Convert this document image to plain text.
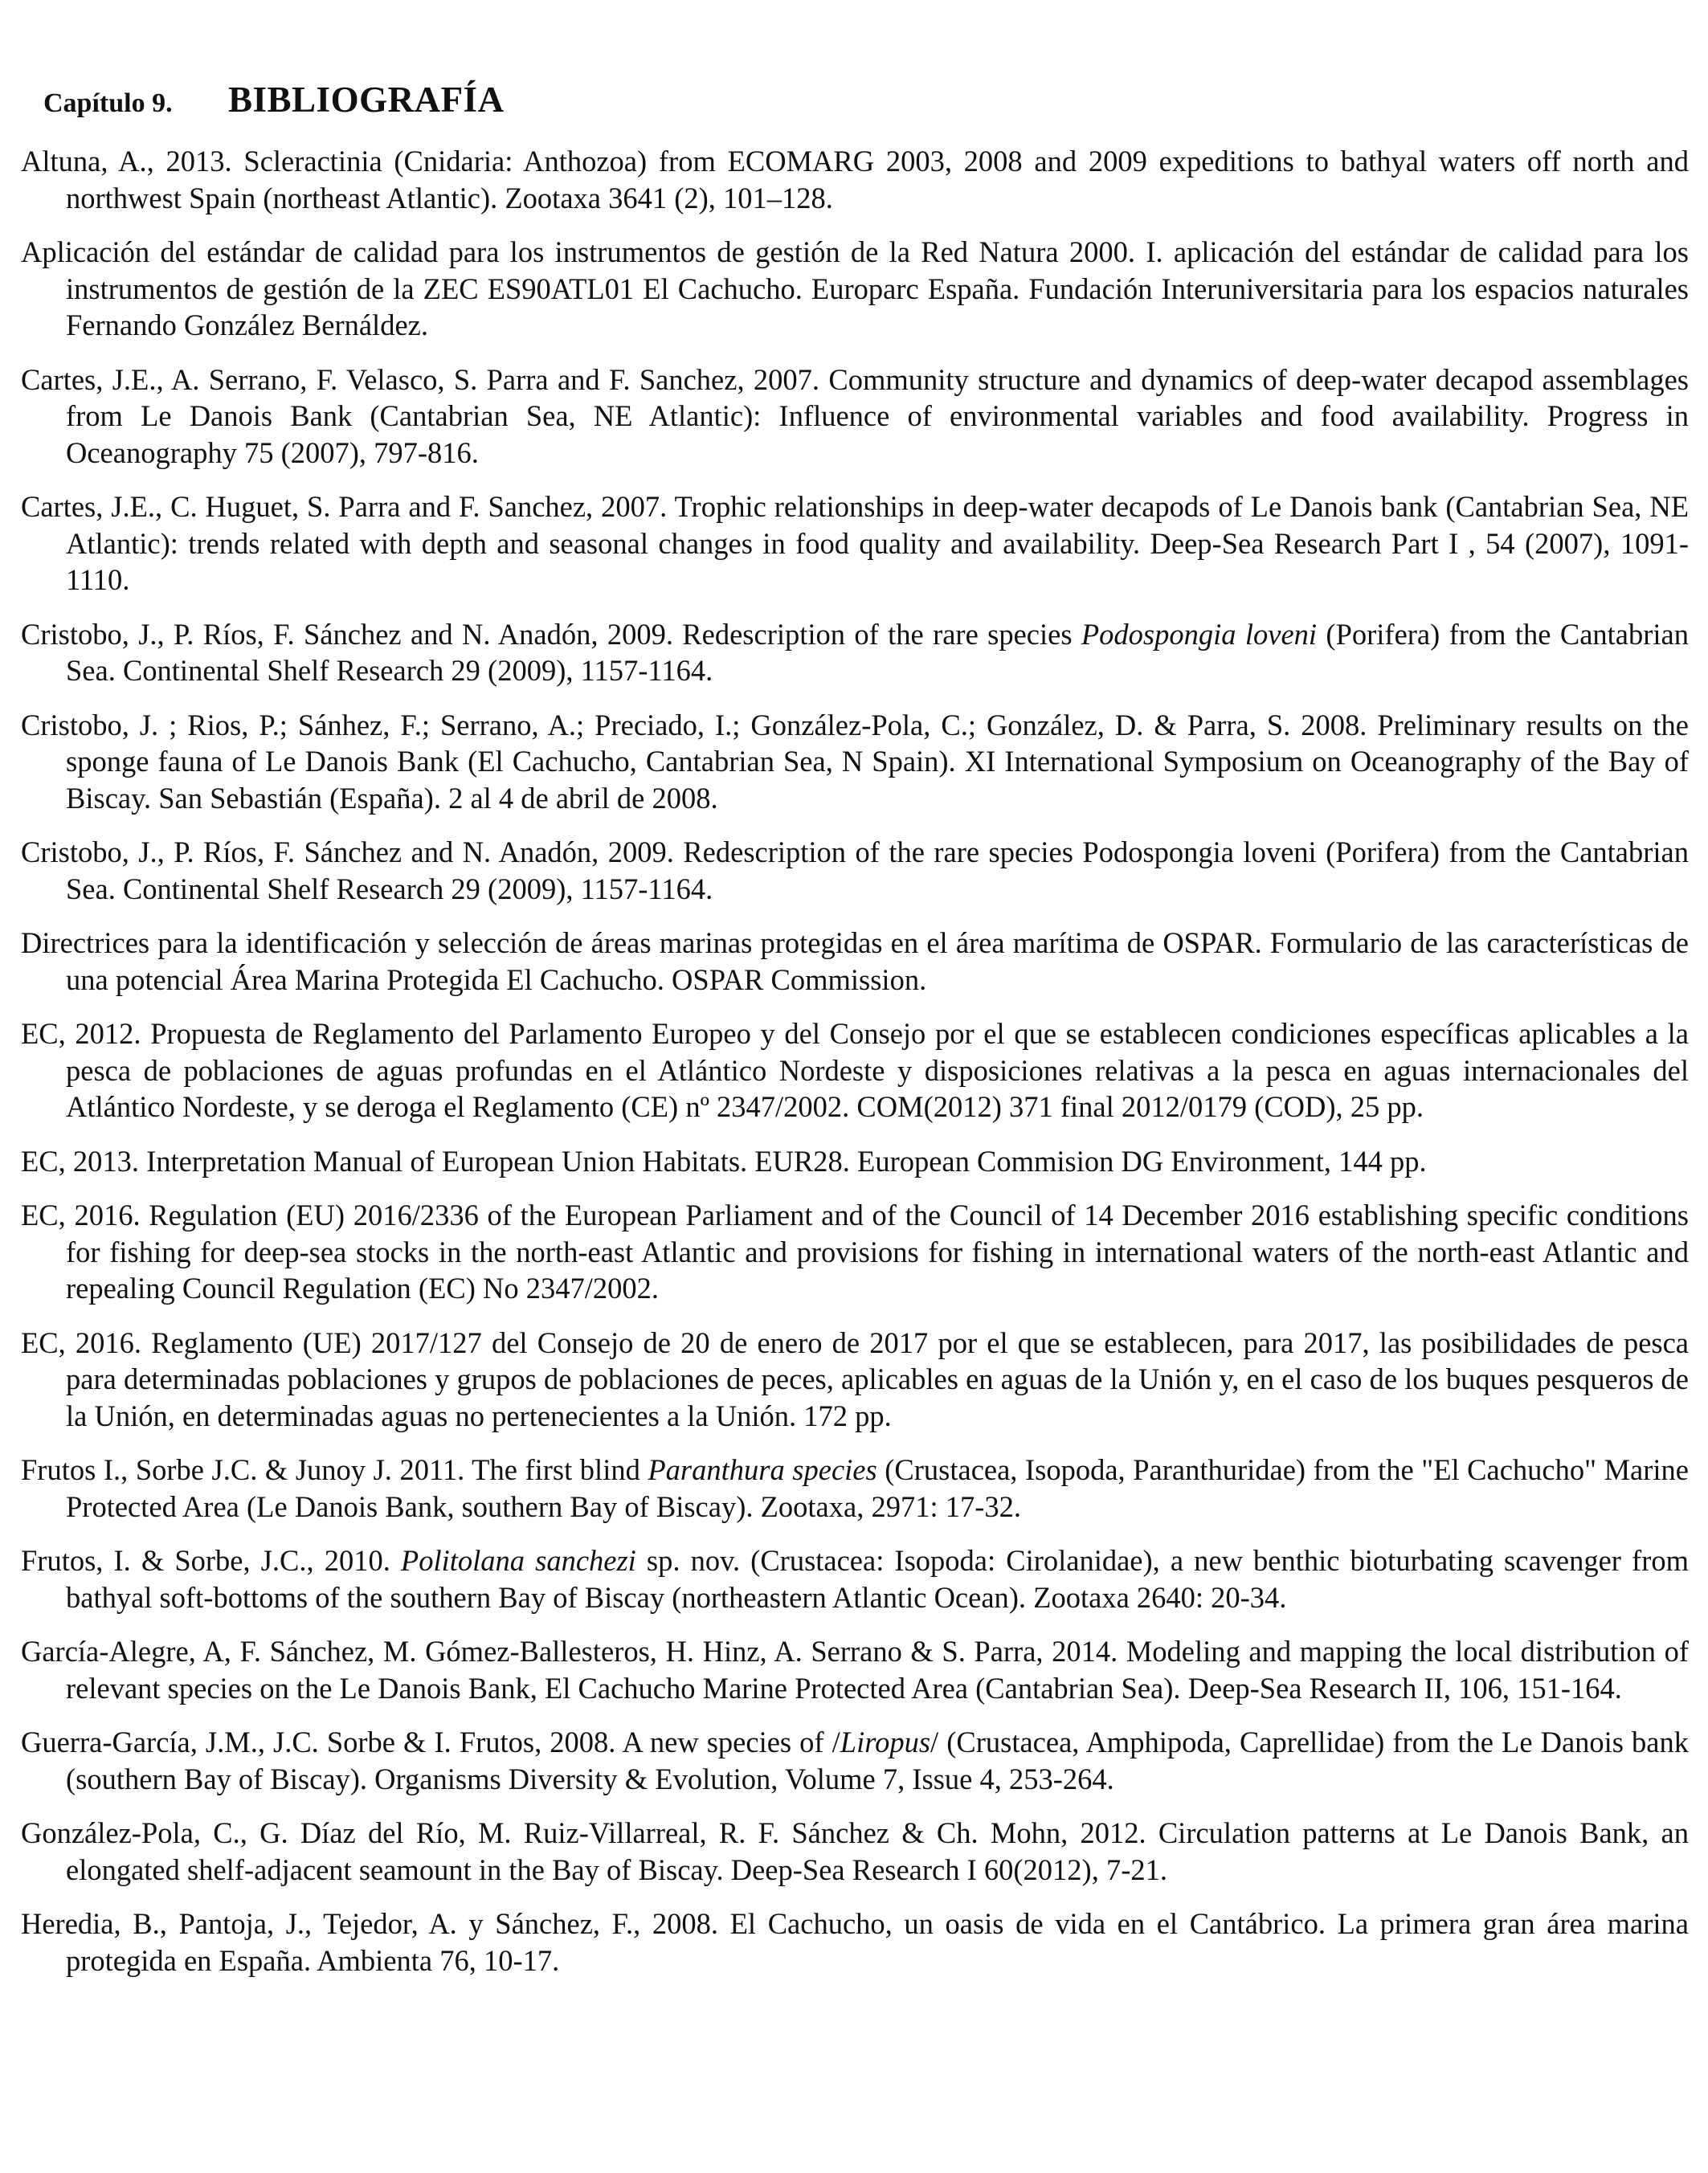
Capítulo 9.	BIBLIOGRAFÍA
Altuna, A., 2013. Scleractinia (Cnidaria: Anthozoa) from ECOMARG 2003, 2008 and 2009 expeditions to bathyal waters off north and northwest Spain (northeast Atlantic). Zootaxa 3641 (2), 101–128.
Aplicación del estándar de calidad para los instrumentos de gestión de la Red Natura 2000. I. aplicación del estándar de calidad para los instrumentos de gestión de la ZEC ES90ATL01 El Cachucho. Europarc España. Fundación Interuniversitaria para los espacios naturales Fernando González Bernáldez.
Cartes, J.E., A. Serrano, F. Velasco, S. Parra and F. Sanchez, 2007. Community structure and dynamics of deep-water decapod assemblages from Le Danois Bank (Cantabrian Sea, NE Atlantic): Influence of environmental variables and food availability. Progress in Oceanography 75 (2007), 797-816.
Cartes, J.E., C. Huguet, S. Parra and F. Sanchez, 2007. Trophic relationships in deep-water decapods of Le Danois bank (Cantabrian Sea, NE Atlantic): trends related with depth and seasonal changes in food quality and availability. Deep-Sea Research Part I , 54 (2007), 1091-1110.
Cristobo, J., P. Ríos, F. Sánchez and N. Anadón, 2009. Redescription of the rare species Podospongia loveni (Porifera) from the Cantabrian Sea. Continental Shelf Research 29 (2009), 1157-1164.
Cristobo, J. ; Rios, P.; Sánhez, F.; Serrano, A.; Preciado, I.; González-Pola, C.; González, D. & Parra, S. 2008. Preliminary results on the sponge fauna of Le Danois Bank (El Cachucho, Cantabrian Sea, N Spain). XI International Symposium on Oceanography of the Bay of Biscay. San Sebastián (España). 2 al 4 de abril de 2008.
Cristobo, J., P. Ríos, F. Sánchez and N. Anadón, 2009. Redescription of the rare species Podospongia loveni (Porifera) from the Cantabrian Sea. Continental Shelf Research 29 (2009), 1157-1164.
Directrices para la identificación y selección de áreas marinas protegidas en el área marítima de OSPAR. Formulario de las características de una potencial Área Marina Protegida El Cachucho. OSPAR Commission.
EC, 2012. Propuesta de Reglamento del Parlamento Europeo y del Consejo por el que se establecen condiciones específicas aplicables a la pesca de poblaciones de aguas profundas en el Atlántico Nordeste y disposiciones relativas a la pesca en aguas internacionales del Atlántico Nordeste, y se deroga el Reglamento (CE) nº 2347/2002. COM(2012) 371 final 2012/0179 (COD), 25 pp.
EC, 2013. Interpretation Manual of European Union Habitats. EUR28. European Commision DG Environment, 144 pp.
EC, 2016. Regulation (EU) 2016/2336 of the European Parliament and of the Council of 14 December 2016 establishing specific conditions for fishing for deep-sea stocks in the north-east Atlantic and provisions for fishing in international waters of the north-east Atlantic and repealing Council Regulation (EC) No 2347/2002.
EC, 2016. Reglamento (UE) 2017/127 del Consejo de 20 de enero de 2017 por el que se establecen, para 2017, las posibilidades de pesca para determinadas poblaciones y grupos de poblaciones de peces, aplicables en aguas de la Unión y, en el caso de los buques pesqueros de la Unión, en determinadas aguas no pertenecientes a la Unión. 172 pp.
Frutos I., Sorbe J.C. & Junoy J. 2011. The first blind Paranthura species (Crustacea, Isopoda, Paranthuridae) from the "El Cachucho" Marine Protected Area (Le Danois Bank, southern Bay of Biscay). Zootaxa, 2971: 17-32.
Frutos, I. & Sorbe, J.C., 2010. Politolana sanchezi sp. nov. (Crustacea: Isopoda: Cirolanidae), a new benthic bioturbating scavenger from bathyal soft-bottoms of the southern Bay of Biscay (northeastern Atlantic Ocean). Zootaxa 2640: 20-34.
García-Alegre, A, F. Sánchez, M. Gómez-Ballesteros, H. Hinz, A. Serrano & S. Parra, 2014. Modeling and mapping the local distribution of relevant species on the Le Danois Bank, El Cachucho Marine Protected Area (Cantabrian Sea). Deep-Sea Research II, 106, 151-164.
Guerra-García, J.M., J.C. Sorbe & I. Frutos, 2008. A new species of /Liropus/ (Crustacea, Amphipoda, Caprellidae) from the Le Danois bank (southern Bay of Biscay). Organisms Diversity & Evolution, Volume 7, Issue 4, 253-264.
González-Pola, C., G. Díaz del Río, M. Ruiz-Villarreal, R. F. Sánchez & Ch. Mohn, 2012. Circulation patterns at Le Danois Bank, an elongated shelf-adjacent seamount in the Bay of Biscay. Deep-Sea Research I 60(2012), 7-21.
Heredia, B., Pantoja, J., Tejedor, A. y Sánchez, F., 2008. El Cachucho, un oasis de vida en el Cantábrico. La primera gran área marina protegida en España. Ambienta 76, 10-17.
